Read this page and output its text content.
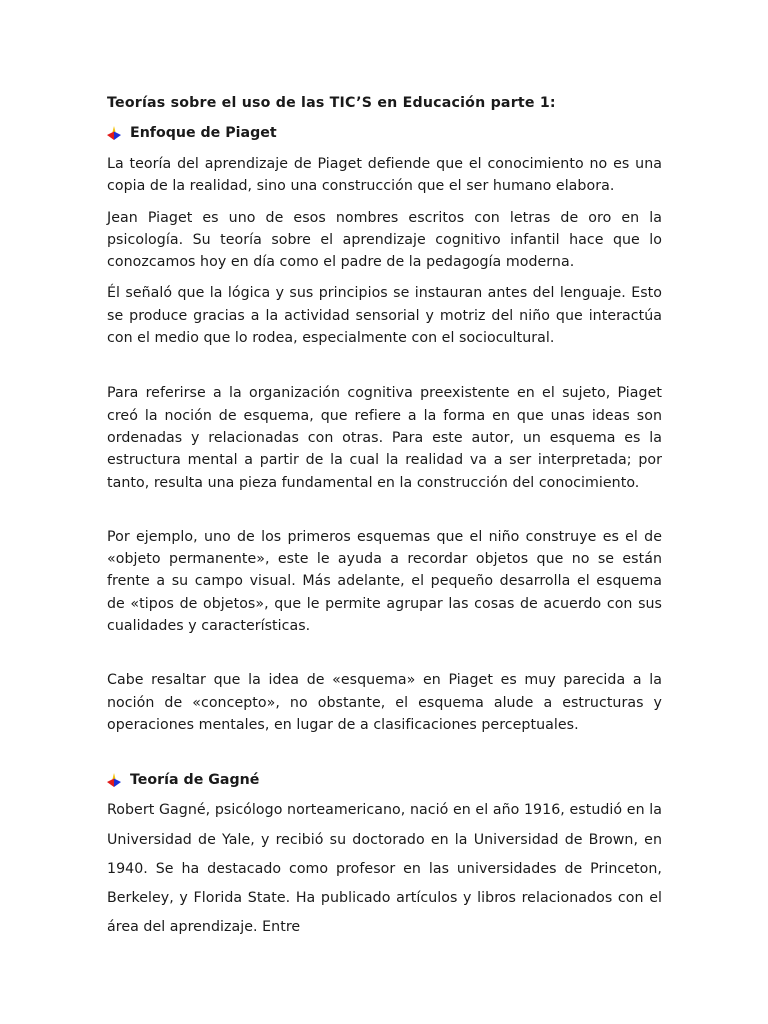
Teorías sobre el uso de las TIC’S en Educación parte 1:
Enfoque de Piaget

La teoría del aprendizaje de Piaget defiende que el conocimiento no es una copia de la realidad, sino una construcción que el ser humano elabora.

Jean Piaget es uno de esos nombres escritos con letras de oro en la psicología. Su teoría sobre el aprendizaje cognitivo infantil hace que lo conozcamos hoy en día como el padre de la pedagogía moderna.

Él señaló que la lógica y sus principios se instauran antes del lenguaje. Esto se produce gracias a la actividad sensorial y motriz del niño que interactúa con el medio que lo rodea, especialmente con el sociocultural.

Para referirse a la organización cognitiva preexistente en el sujeto, Piaget creó la noción de esquema, que refiere a la forma en que unas ideas son ordenadas y relacionadas con otras. Para este autor, un esquema es la estructura mental a partir de la cual la realidad va a ser interpretada; por tanto, resulta una pieza fundamental en la construcción del conocimiento.

Por ejemplo, uno de los primeros esquemas que el niño construye es el de «objeto permanente», este le ayuda a recordar objetos que no se están frente a su campo visual. Más adelante, el pequeño desarrolla el esquema de «tipos de objetos», que le permite agrupar las cosas de acuerdo con sus cualidades y características.

Cabe resaltar que la idea de «esquema» en Piaget es muy parecida a la noción de «concepto», no obstante, el esquema alude a estructuras y operaciones mentales, en lugar de a clasificaciones perceptuales.

Teoría de Gagné

Robert Gagné, psicólogo norteamericano, nació en el año 1916, estudió en la Universidad de Yale, y recibió su doctorado en la Universidad de Brown, en 1940. Se ha destacado como profesor en las universidades de Princeton, Berkeley, y Florida State. Ha publicado artículos y libros relacionados con el área del aprendizaje. Entre
